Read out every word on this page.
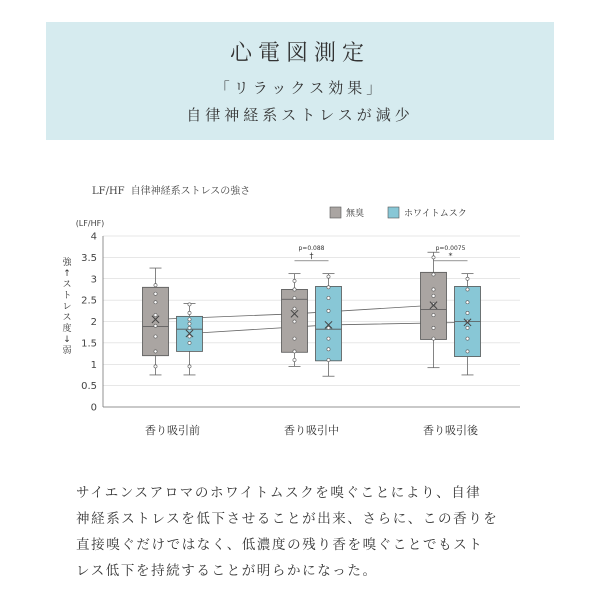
心電図測定
「リラックス効果」
自律神経系ストレスが減少
LF/HF 自律神経系ストレスの強さ
強↑ストレス度↓弱
0
0.5
1
1.5
2
2.5
3
3.5
4
(LF/HF)
香り吸引前	香り吸引中	香り吸引後
無臭	ホワイトムスク
†
p=0.088
*
p=0.0075
サイエンスアロマのホワイトムスクを嗅ぐことにより、自律
神経系ストレスを低下させることが出来、さらに、この香りを
直接嗅ぐだけではなく、低濃度の残り香を嗅ぐことでもスト
レス低下を持続することが明らかになった。
